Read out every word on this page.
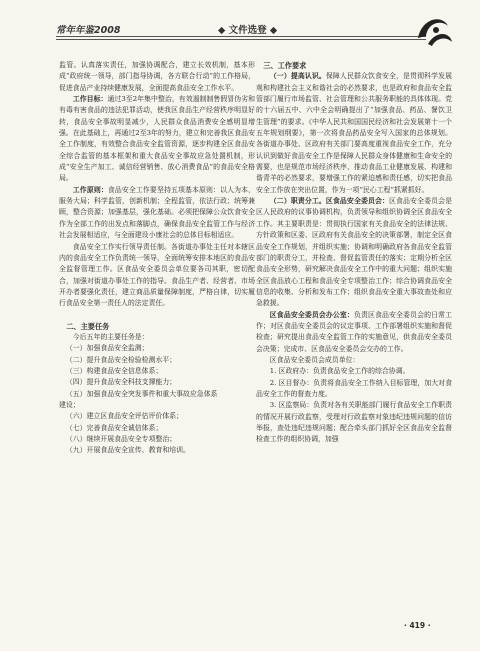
常年年鉴2008	◆ 文件选登 ◆

监管。认真落实责任，加强协调配合，建立长效机制，基本形成“政府统一领导，部门指导协调，各方联合行动”的工作格局，促进食品产业持续健康发展，全面提高食品安全工作水平。

工作目标：通过3至2年集中整治，有效遏制制售假冒伪劣和有毒有害食品的违法犯罪活动，使我区食品生产经营秩序明显好转，食品安全事故明显减少，人民群众食品消费安全感明显增强。在此基础上，再通过2至3年的努力，建立和完善我区食品安全工作制度，有效整合食品安全监管资源，逐步构建全区食品安全综合监管的基本框架和重大食品安全事故应急处置机制，形成“安全生产加工、诚信经营销售、放心消费食品”的食品安全格局。

工作原则：食品安全工作要坚持五项基本原则：以人为本，服务大局；科学监管，创新机制；全程监管，依法行政；统筹兼顾，整合资源；加强基层，强化基础。必须把保障公众饮食安全作为全部工作的出发点和落脚点，确保食品安全监管工作与经济社会发展相适应，与全面建设小康社会的总体目标相适应。

食品安全工作实行领导责任制。各街道办事处主任对本辖区内的食品安全工作负责统一领导，全面统筹安排本地区的食品安全监督管理工作。区食品安全委员会单位要各司其职，密切配合，加强对街道办事处工作的指导。食品生产者、经营者、市场开办者要强化责任，建立商品质量保障制度，严格自律，切实履行食品安全第一责任人的法定责任。

二、主要任务

今后五年的主要任务是：

（一）加强食品安全监测；

（二）提升食品安全检验检测水平；

（三）构建食品安全信息体系；

（四）提升食品安全科技支撑能力；

（五）加强食品安全突发事件和重大事故应急体系

建设；

（六）建立区食品安全评估评价体系；

（七）完善食品安全诚信体系；

（八）继续开展食品安全专项整治；

（九）开展食品安全宣传、教育和培训。

三、工作要求

（一）提高认识。保障人民群众饮食安全，是贯彻科学发展观和构建社会主义和谐社会的必然要求，也是政府和食品安全监管部门履行市场监管、社会管理和公共服务职能的具体体现。党的十六届五中、六中全会明确提出了“加强食品、药品、餐饮卫生管理”的要求。《中华人民共和国国民经济和社会发展第十一个五年规划纲要》，第一次将食品药品安全写入国家的总体规划。各街道办事处、区政府有关部门要高度重视食品安全工作，充分认识到做好食品安全工作是保障人民群众身体健康和生命安全的需要，也是规范市场经济秩序、推动食品工业健康发展、构建和谐青羊的必然要求，要增强工作的紧迫感和责任感，切实把食品安全工作放在突出位置，作为一项“民心工程”抓紧抓好。

（二）职责分工。区食品安全委员会：区食品安全委员会是区人民政府的议事协调机构，负责领导和组织协调全区食品安全工作。其主要职责是：贯彻执行国家有关食品安全的法律法规、方针政策和区委、区政府有关食品安全的决策部署，制定全区食品安全工作规划，并组织实施；协调和明确政府各食品安全监管部门的职责分工，并检查、督促监管责任的落实；定期分析全区食品安全形势，研究解决食品安全工作中的重大问题；组织实施全区食品放心工程和食品安全专项整治工作；综合协调食品安全信息的收集、分析和发布工作；组织食品安全重大事故查处和应急救援。

区食品安全委员会办公室：负责区食品安全委员会的日常工作；对区食品安全委员会的议定事项、工作部署组织实施和督促检查；研究提出食品安全监管工作的实施意见，供食品安全委员会决策；完成市、区食品安全委员会交办的工作。

区食品安全委员会成员单位：

1. 区政府办：负责食品安全工作的综合协调。

2. 区目督办：负责将食品安全工作纳入目标管理，加大对食品安全工作的督查力度。

3. 区监察局：负责对各有关职能部门履行食品安全工作职责的情况开展行政监察，受理对行政监察对象违纪违规问题的信访举报，查处违纪违规问题；配合牵头部门抓好全区食品安全监督检查工作的组织协调，加强

· 419 ·
